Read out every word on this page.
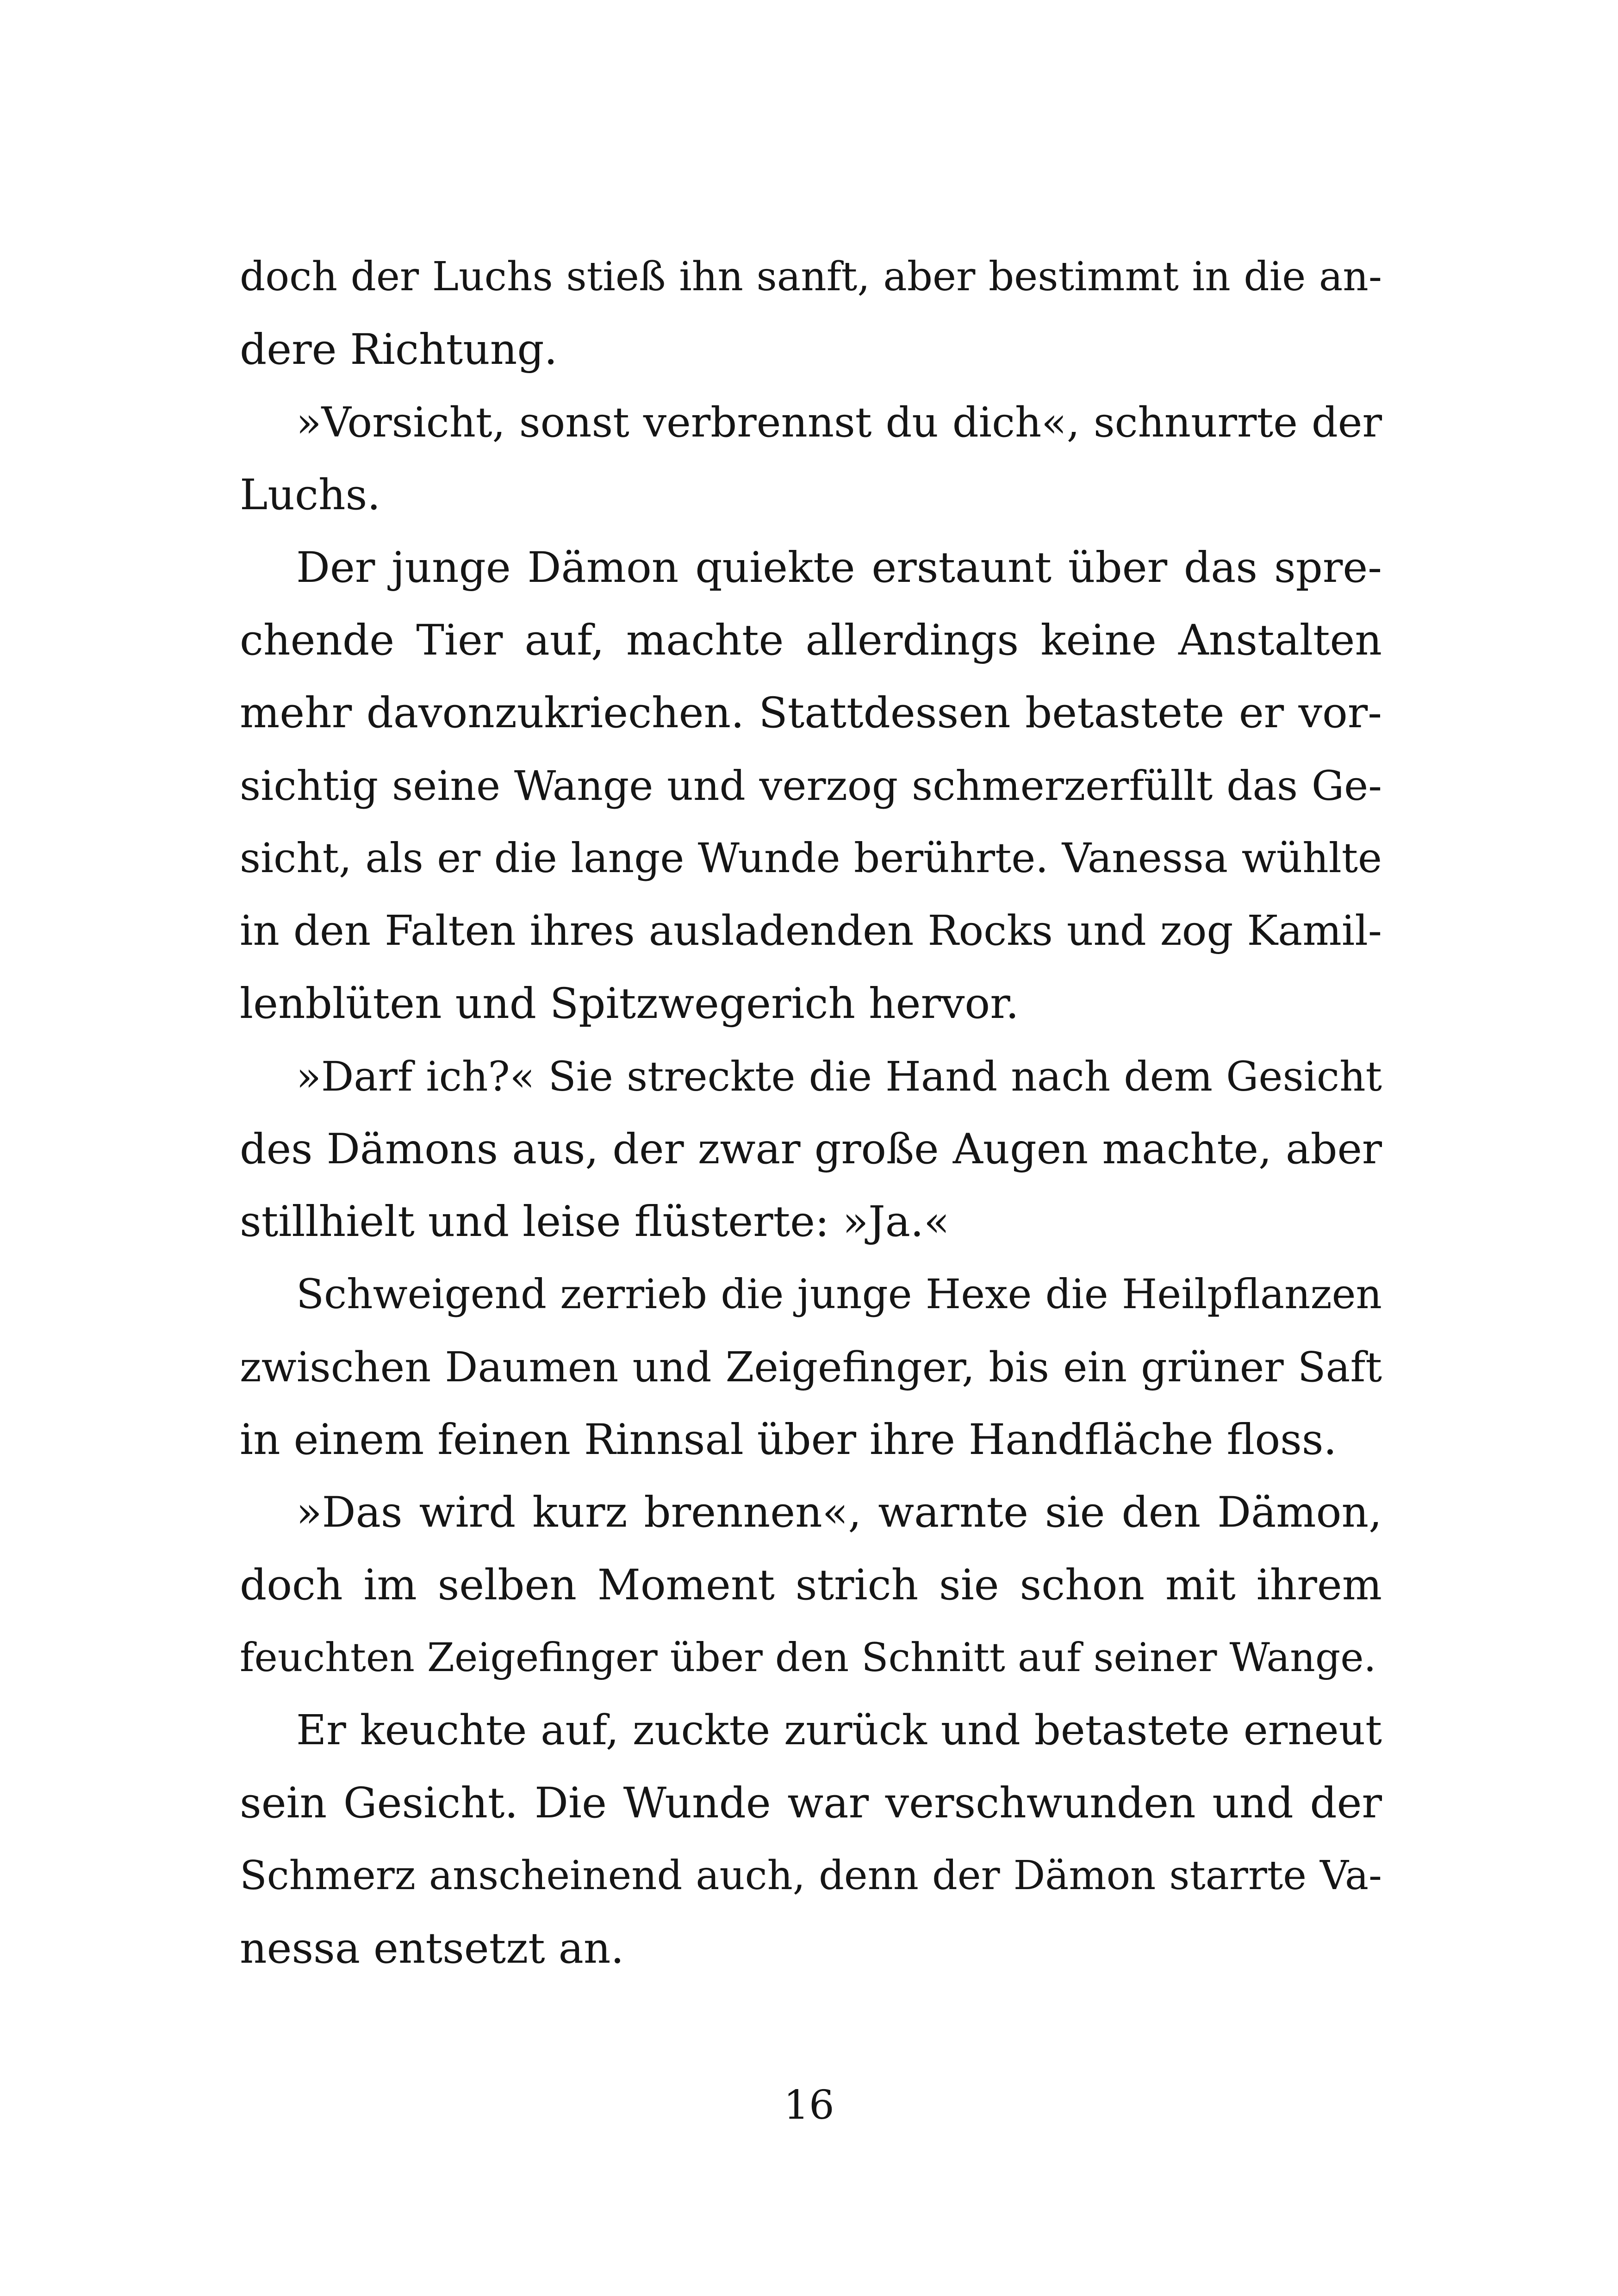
doch der Luchs stieß ihn sanft, aber bestimmt in die an-
dere Richtung.
»Vorsicht, sonst verbrennst du dich«, schnurrte der
Luchs.
Der junge Dämon quiekte erstaunt über das spre-
chende Tier auf, machte allerdings keine Anstalten
mehr davonzukriechen. Stattdessen betastete er vor-
sichtig seine Wange und verzog schmerzerfüllt das Ge-
sicht, als er die lange Wunde berührte. Vanessa wühlte
in den Falten ihres ausladenden Rocks und zog Kamil-
lenblüten und Spitzwegerich hervor.
»Darf ich?« Sie streckte die Hand nach dem Gesicht
des Dämons aus, der zwar große Augen machte, aber
stillhielt und leise flüsterte: »Ja.«
Schweigend zerrieb die junge Hexe die Heilpflanzen
zwischen Daumen und Zeigefinger, bis ein grüner Saft
in einem feinen Rinnsal über ihre Handfläche floss.
»Das wird kurz brennen«, warnte sie den Dämon,
doch im selben Moment strich sie schon mit ihrem
feuchten Zeigefinger über den Schnitt auf seiner Wange.
Er keuchte auf, zuckte zurück und betastete erneut
sein Gesicht. Die Wunde war verschwunden und der
Schmerz anscheinend auch, denn der Dämon starrte Va-
nessa entsetzt an.
16
